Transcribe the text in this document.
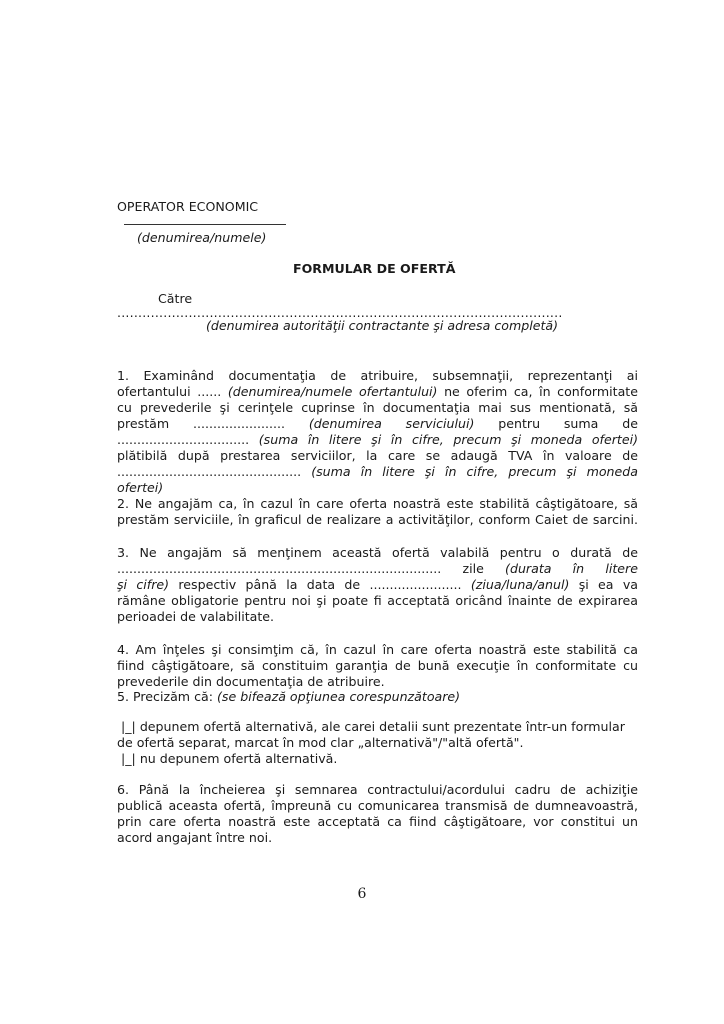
OPERATOR ECONOMIC
(denumirea/numele)
FORMULAR DE OFERTĂ
Către
..........................................................................................................
(denumirea autorităţii contractante şi adresa completă)
1. Examinând documentaţia de atribuire, subsemnaţii, reprezentanţi ai
ofertantului ...... (denumirea/numele ofertantului) ne oferim ca, în conformitate
cu prevederile şi cerinţele cuprinse în documentaţia mai sus mentionată, să
prestăm ....................... (denumirea serviciului) pentru suma de
................................. (suma în litere şi în cifre, precum şi moneda ofertei)
plătibilă după prestarea serviciilor, la care se adaugă TVA în valoare de
.............................................. (suma în litere şi în cifre, precum şi moneda
ofertei)
2. Ne angajăm ca, în cazul în care oferta noastră este stabilită câştigătoare, să
prestăm serviciile, în graficul de realizare a activităţilor, conform Caiet de sarcini.
3. Ne angajăm să menţinem această ofertă valabilă pentru o durată de
................................................................................. zile (durata în litere
şi cifre) respectiv până la data de ....................... (ziua/luna/anul) şi ea va
rămâne obligatorie pentru noi şi poate fi acceptată oricând înainte de expirarea
perioadei de valabilitate.
4. Am înţeles şi consimţim că, în cazul în care oferta noastră este stabilită ca
fiind câştigătoare, să constituim garanţia de bună execuţie în conformitate cu
prevederile din documentaţia de atribuire.
5. Precizăm că: (se bifează opţiunea corespunzătoare)
|_| depunem ofertă alternativă, ale carei detalii sunt prezentate într-un formular
de ofertă separat, marcat în mod clar „alternativă"/"altă ofertă".
|_| nu depunem ofertă alternativă.
6. Până la încheierea şi semnarea contractului/acordului cadru de achiziţie
publică aceasta ofertă, împreună cu comunicarea transmisă de dumneavoastră,
prin care oferta noastră este acceptată ca fiind câştigătoare, vor constitui un
acord angajant între noi.
6
